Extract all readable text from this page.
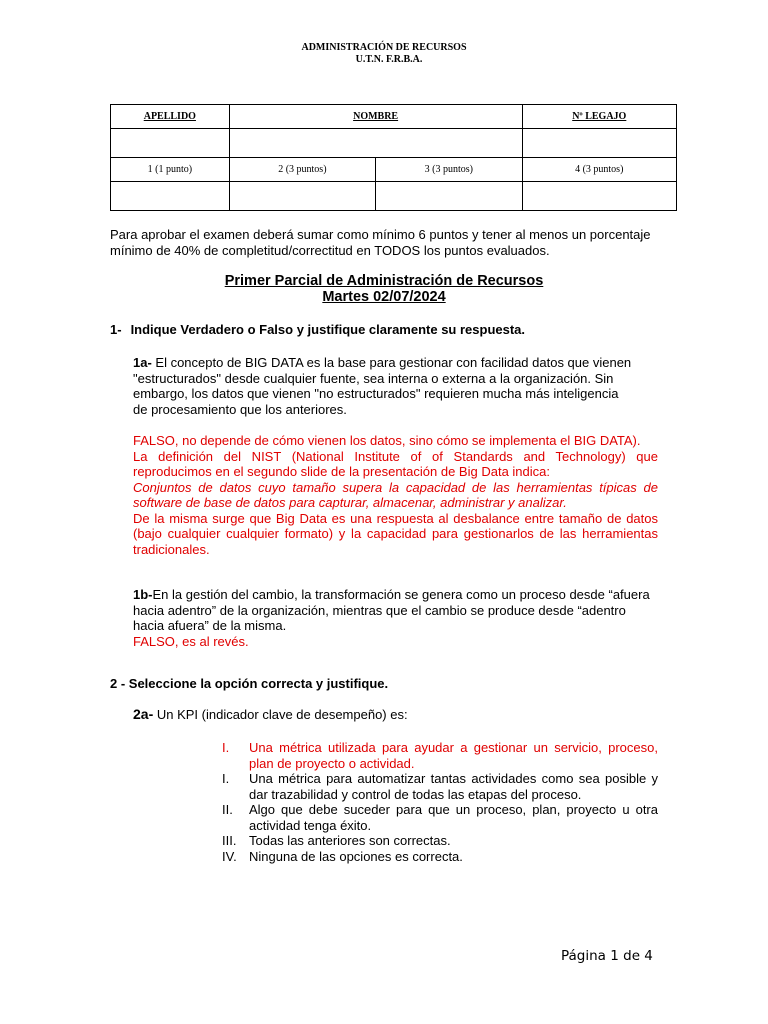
ADMINISTRACIÓN DE RECURSOS
U.T.N. F.R.B.A.
APELLIDO	NOMBRE		Nº LEGAJO

1 (1 punto)	2 (3 puntos)	3 (3 puntos)	4 (3 puntos)

Para aprobar el examen deberá sumar como mínimo 6 puntos y tener al menos un porcentaje mínimo de 40% de completitud/correctitud en TODOS los puntos evaluados.
Primer Parcial de Administración de Recursos
Martes 02/07/2024
1- Indique Verdadero o Falso y justifique claramente su respuesta.
1a- El concepto de BIG DATA es la base para gestionar con facilidad datos que vienen "estructurados" desde cualquier fuente, sea interna o externa a la organización. Sin embargo, los datos que vienen "no estructurados" requieren mucha más inteligencia de procesamiento que los anteriores.
FALSO, no depende de cómo vienen los datos, sino cómo se implementa el BIG DATA).
La definición del NIST (National Institute of of Standards and Technology) que reproducimos en el segundo slide de la presentación de Big Data indica:
Conjuntos de datos cuyo tamaño supera la capacidad de las herramientas típicas de software de base de datos para capturar, almacenar, administrar y analizar.
De la misma surge que Big Data es una respuesta al desbalance entre tamaño de datos (bajo cualquier cualquier formato) y la capacidad para gestionarlos de las herramientas tradicionales.
1b-En la gestión del cambio, la transformación se genera como un proceso desde “afuera hacia adentro” de la organización, mientras que el cambio se produce desde “adentro hacia afuera” de la misma.
FALSO, es al revés.
2 - Seleccione la opción correcta y justifique.
2a- Un KPI (indicador clave de desempeño) es:
I. Una métrica utilizada para ayudar a gestionar un servicio, proceso, plan de proyecto o actividad.
I. Una métrica para automatizar tantas actividades como sea posible y dar trazabilidad y control de todas las etapas del proceso.
II. Algo que debe suceder para que un proceso, plan, proyecto u otra actividad tenga éxito.
III. Todas las anteriores son correctas.
IV. Ninguna de las opciones es correcta.
Página 1 de 4
